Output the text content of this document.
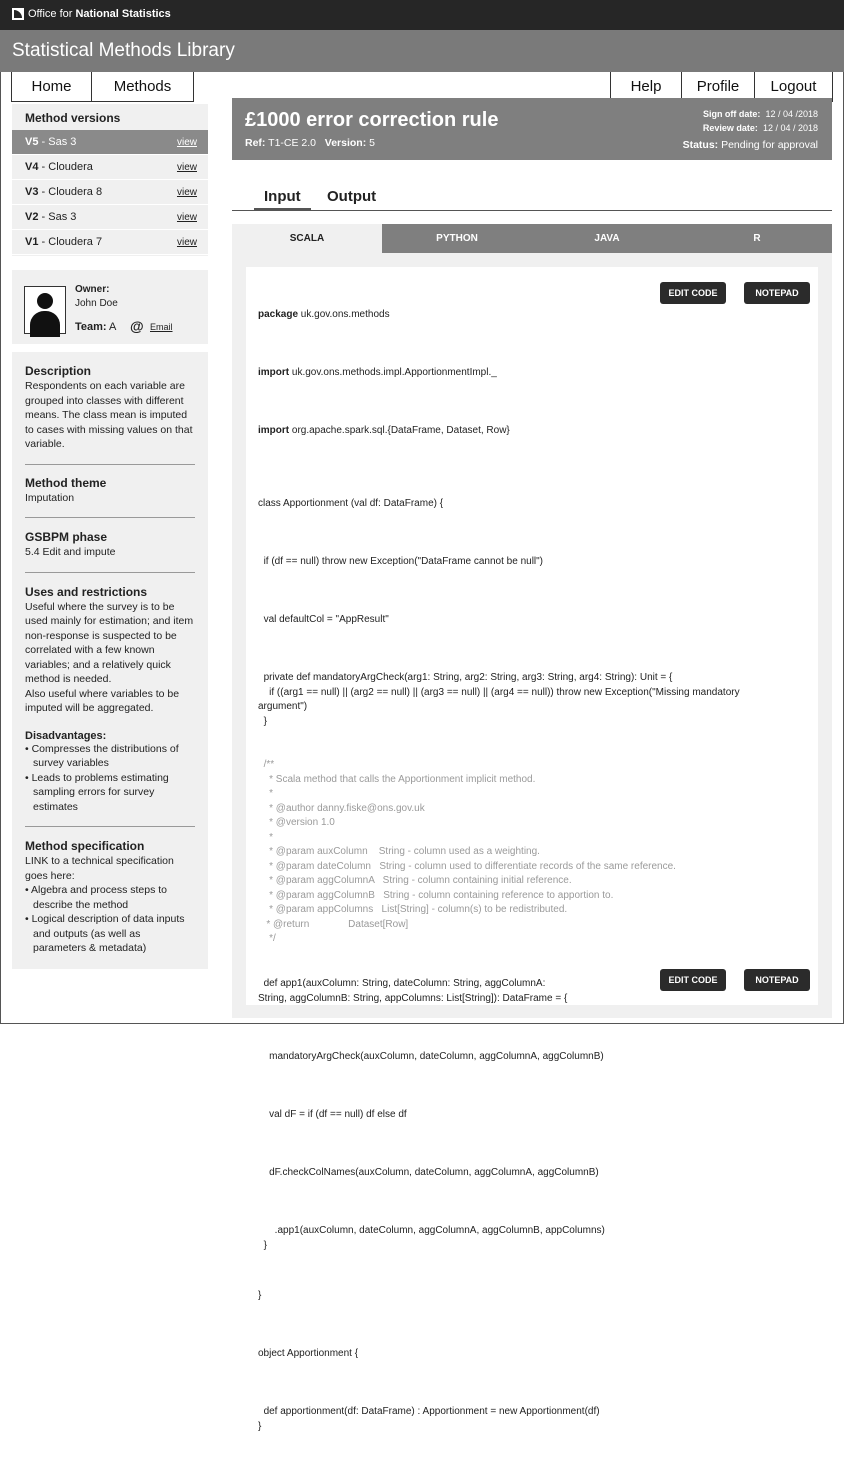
Office for National Statistics
Statistical Methods Library
Home	Methods	Help	Profile	Logout
Method versions
V5 - Sas 3	view
V4 - Cloudera	view
V3 - Cloudera 8	view
V2 - Sas 3	view
V1 - Cloudera 7	view
Owner:
John Doe
Team: A @ Email
Description
Respondents on each variable are grouped into classes with different means. The class mean is imputed to cases with missing values on that variable.
Method theme
Imputation
GSBPM phase
5.4 Edit and impute
Uses and restrictions
Useful where the survey is to be used mainly for estimation; and item non-response is suspected to be correlated with a few known variables; and a relatively quick method is needed.
Also useful where variables to be imputed will be aggregated.
Disadvantages:
• Compresses the distributions of survey variables
• Leads to problems estimating sampling errors for survey estimates
Method specification
LINK to a technical specification goes here:
• Algebra and process steps to describe the method
• Logical description of data inputs and outputs (as well as parameters & metadata)
£1000 error correction rule
Ref: T1-CE 2.0 Version: 5
Sign off date: 12 / 04 /2018
Review date: 12 / 04 / 2018
Status: Pending for approval
Input Output
SCALA	PYTHON	JAVA	R

package uk.gov.ons.methods

import uk.gov.ons.methods.impl.ApportionmentImpl._

import org.apache.spark.sql.{DataFrame, Dataset, Row}

class Apportionment (val df: DataFrame) {

if (df == null) throw new Exception("DataFrame cannot be null")

val defaultCol = "AppResult"

private def mandatoryArgCheck(arg1: String, arg2: String, arg3: String, arg4: String): Unit = {
if ((arg1 == null) || (arg2 == null) || (arg3 == null) || (arg4 == null)) throw new Exception("Missing mandatory argument")
}

/**
* Scala method that calls the Apportionment implicit method.
*
* @author danny.fiske@ons.gov.uk
* @version 1.0
*
* @param auxColumn    String - column used as a weighting.
* @param dateColumn   String - column used to differentiate records of the same reference.
* @param aggColumnA   String - column containing initial reference.
* @param aggColumnB   String - column containing reference to apportion to.
* @param appColumns   List[String] - column(s) to be redistributed.
* @return              Dataset[Row]
*/

def app1(auxColumn: String, dateColumn: String, aggColumnA:
String, aggColumnB: String, appColumns: List[String]): DataFrame = {

mandatoryArgCheck(auxColumn, dateColumn, aggColumnA, aggColumnB)

val dF = if (df == null) df else df

dF.checkColNames(auxColumn, dateColumn, aggColumnA, aggColumnB)

.app1(auxColumn, dateColumn, aggColumnA, aggColumnB, appColumns)
}

}

object Apportionment {

def apportionment(df: DataFrame) : Apportionment = new Apportionment(df)
}

EDIT CODE	NOTEPAD
EDIT CODE	NOTEPAD
